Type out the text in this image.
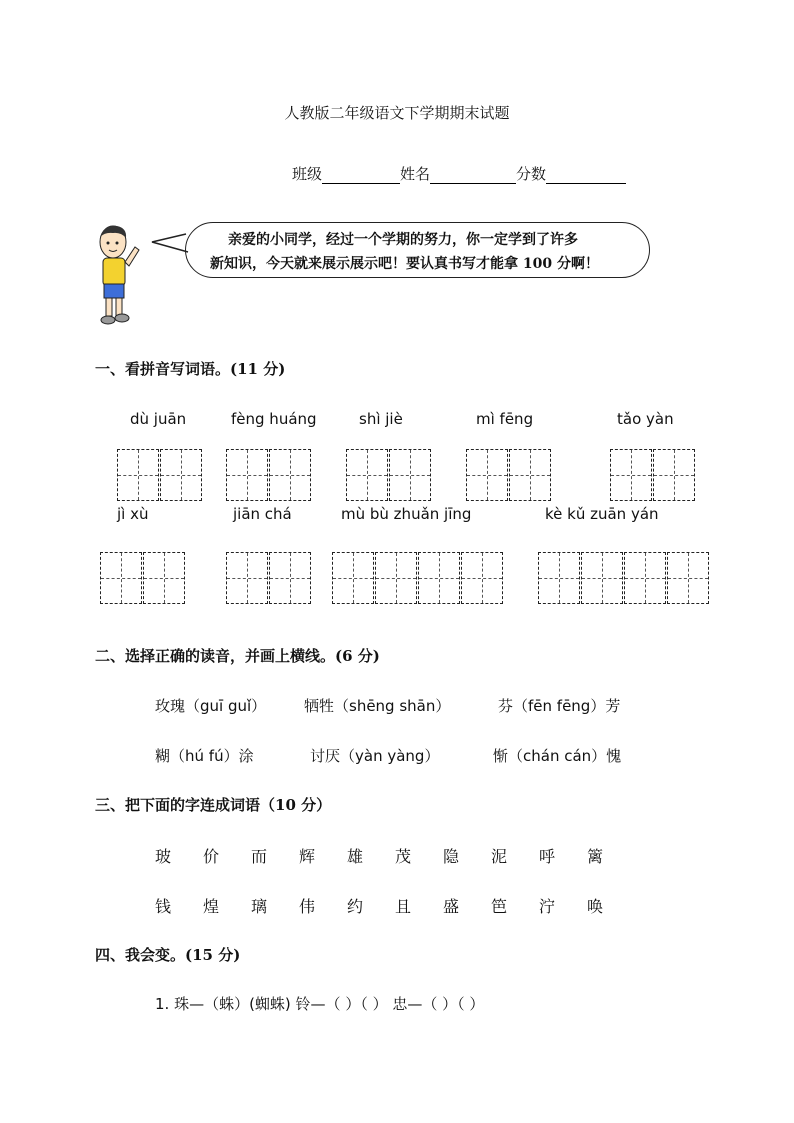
人教版二年级语文下学期期末试题
班级	姓名	分数
亲爱的小同学，经过一个学期的努力，你一定学到了许多
新知识，今天就来展示展示吧！要认真书写才能拿 100 分啊！
一、看拼音写词语。(11 分)
dù juān	fèng huáng	shì jiè	mì fēng	tǎo yàn
jì xù	jiān chá	mù bù zhuǎn jīng	kè kǔ zuān yán
二、选择正确的读音，并画上横线。(6 分)
玫瑰（guī guǐ）	牺牲（shēng shān）	芬（fēn fēng）芳
糊（hú fú）涂	讨厌（yàn yàng）	惭（chán cán）愧
三、把下面的字连成词语（10 分）
四、我会变。(15 分)
1. 珠—（蛛）(蜘蛛) 铃—（ ）（ ） 忠—（ ）（ ）
玻 价 而 辉 雄 茂 隐 泥 呼 篱
钱 煌 璃 伟 约 且 盛 笆 泞 唤
